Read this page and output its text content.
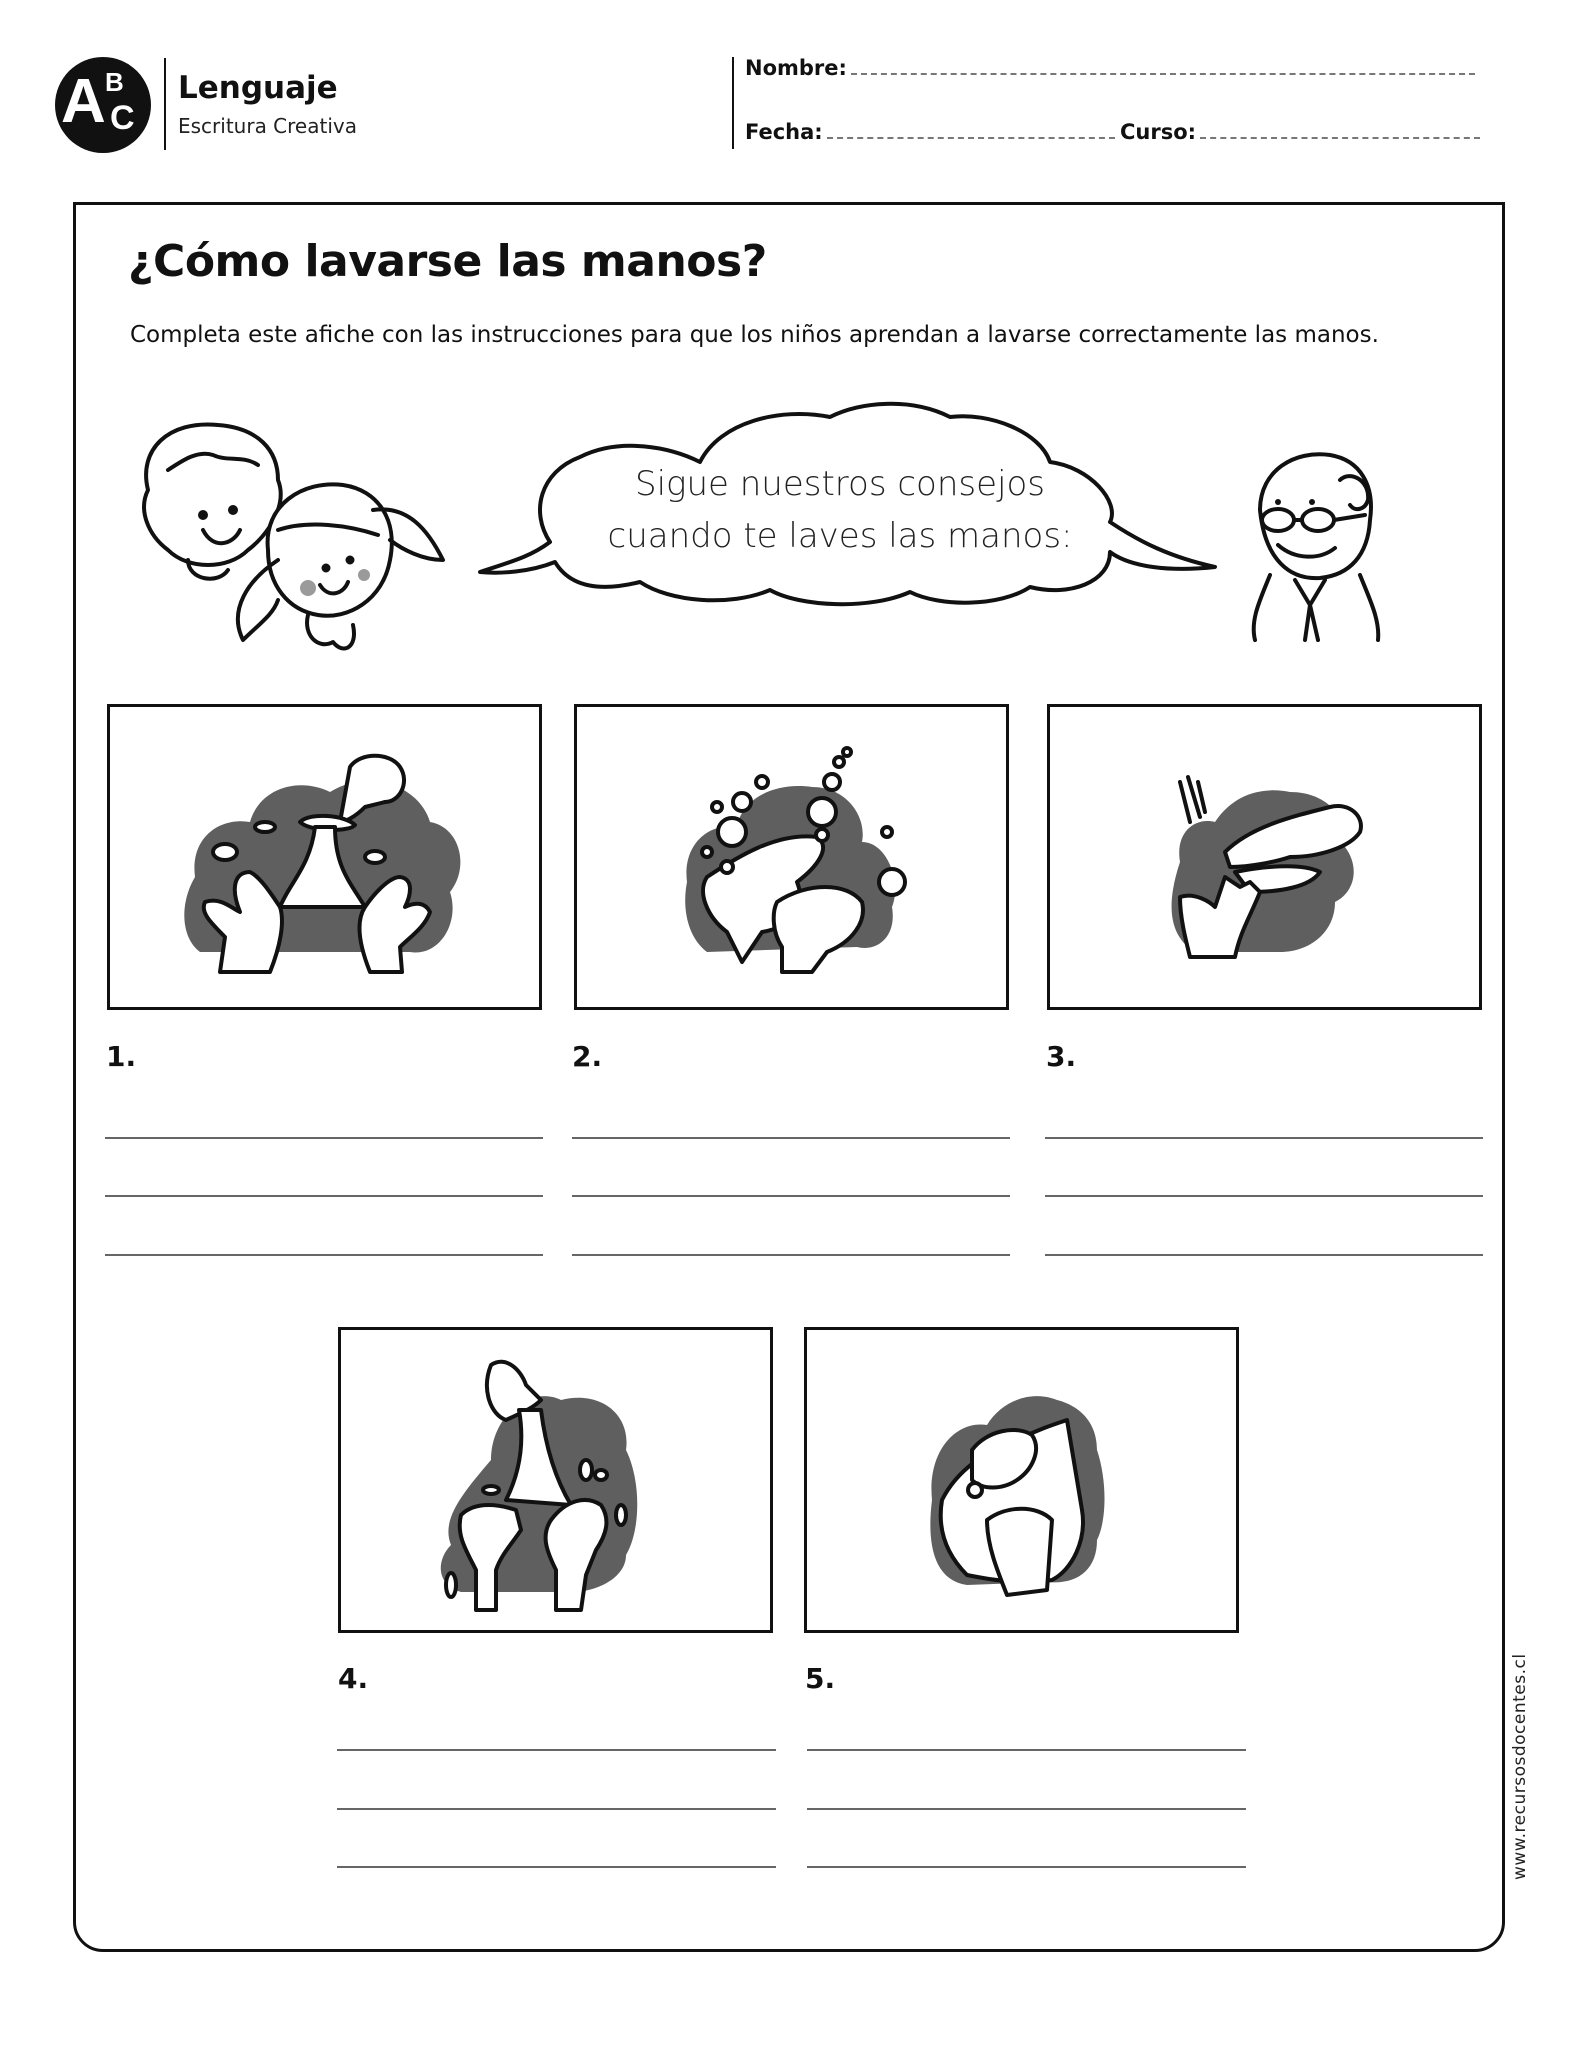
A B
C
Lenguaje
Escritura Creativa
Nombre:
Fecha:	Curso:
¿Cómo lavarse las manos?
Completa este afiche con las instrucciones para que los niños aprendan a lavarse correctamente las manos.
Sigue nuestros consejos
cuando te laves las manos:
1.	2.	3.
4.	5.	www.recursosdocentes.cl
